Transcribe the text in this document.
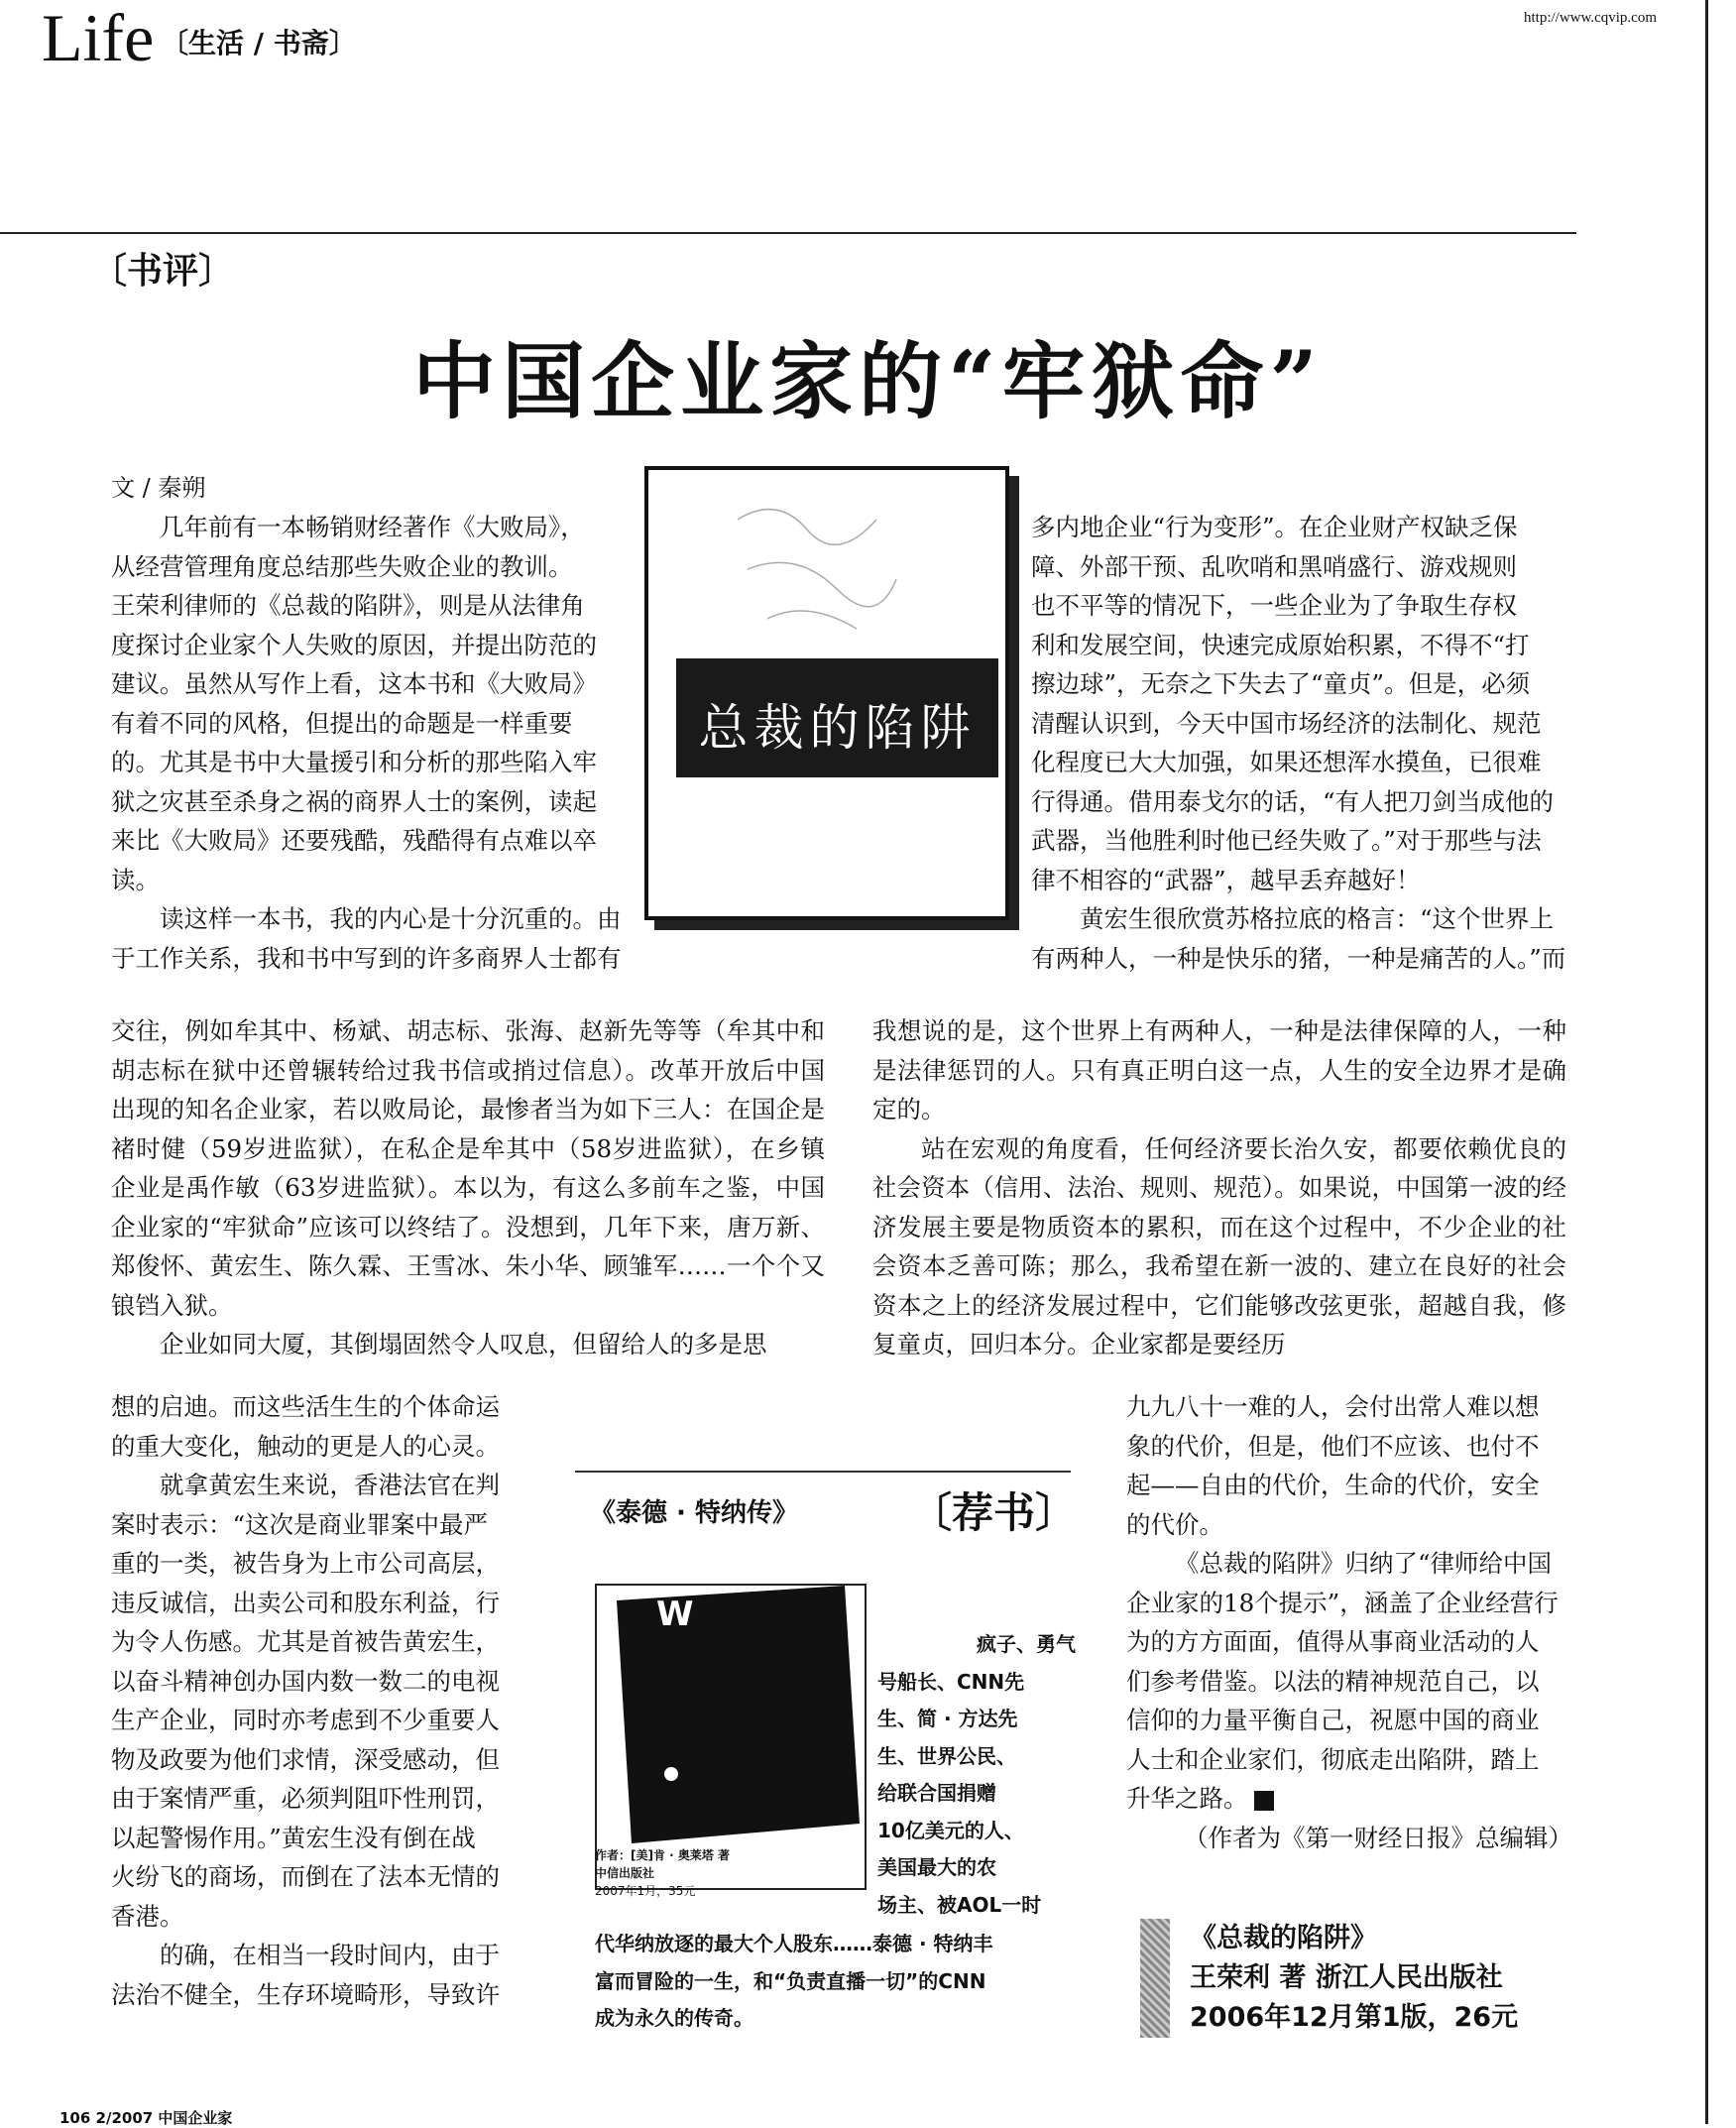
Life 〔生活 / 书斋〕
http://www.cqvip.com
〔书评〕
中国企业家的“牢狱命”
文 / 秦朔
总裁的陷阱
几年前有一本畅销财经著作《大败局》，
从经营管理角度总结那些失败企业的教训。
王荣利律师的《总裁的陷阱》，则是从法律角
度探讨企业家个人失败的原因，并提出防范的
建议。虽然从写作上看，这本书和《大败局》
有着不同的风格，但提出的命题是一样重要
的。尤其是书中大量援引和分析的那些陷入牢
狱之灾甚至杀身之祸的商界人士的案例，读起
来比《大败局》还要残酷，残酷得有点难以卒
读。
读这样一本书，我的内心是十分沉重的。由
于工作关系，我和书中写到的许多商界人士都有

交往，例如牟其中、杨斌、胡志标、张海、赵新先等等（牟其中和胡志标在狱中还曾辗转给过我书信或捎过信息）。改革开放后中国出现的知名企业家，若以败局论，最惨者当为如下三人：在国企是褚时健（59岁进监狱），在私企是牟其中（58岁进监狱），在乡镇企业是禹作敏（63岁进监狱）。本以为，有这么多前车之鉴，中国企业家的“牢狱命”应该可以终结了。没想到，几年下来，唐万新、郑俊怀、黄宏生、陈久霖、王雪冰、朱小华、顾雏军……一个个又锒铛入狱。

企业如同大厦，其倒塌固然令人叹息，但留给人的多是思

想的启迪。而这些活生生的个体命运
的重大变化，触动的更是人的心灵。
就拿黄宏生来说，香港法官在判
案时表示：“这次是商业罪案中最严
重的一类，被告身为上市公司高层，
违反诚信，出卖公司和股东利益，行
为令人伤感。尤其是首被告黄宏生，
以奋斗精神创办国内数一数二的电视
生产企业，同时亦考虑到不少重要人
物及政要为他们求情，深受感动，但
由于案情严重，必须判阻吓性刑罚，
以起警惕作用。”黄宏生没有倒在战
火纷飞的商场，而倒在了法本无情的
香港。
的确，在相当一段时间内，由于
法治不健全，生存环境畸形，导致许
多内地企业“行为变形”。在企业财产权缺乏保
障、外部干预、乱吹哨和黑哨盛行、游戏规则
也不平等的情况下，一些企业为了争取生存权
利和发展空间，快速完成原始积累，不得不“打
擦边球”，无奈之下失去了“童贞”。但是，必须
清醒认识到，今天中国市场经济的法制化、规范
化程度已大大加强，如果还想浑水摸鱼，已很难
行得通。借用泰戈尔的话，“有人把刀剑当成他的
武器，当他胜利时他已经失败了。”对于那些与法
律不相容的“武器”，越早丢弃越好！
黄宏生很欣赏苏格拉底的格言：“这个世界上
有两种人，一种是快乐的猪，一种是痛苦的人。”而

我想说的是，这个世界上有两种人，一种是法律保障的人，一种是法律惩罚的人。只有真正明白这一点，人生的安全边界才是确定的。

站在宏观的角度看，任何经济要长治久安，都要依赖优良的社会资本（信用、法治、规则、规范）。如果说，中国第一波的经济发展主要是物质资本的累积，而在这个过程中，不少企业的社会资本乏善可陈；那么，我希望在新一波的、建立在良好的社会资本之上的经济发展过程中，它们能够改弦更张，超越自我，修复童贞，回归本分。企业家都是要经历

九九八十一难的人，会付出常人难以想
象的代价，但是，他们不应该、也付不
起——自由的代价，生命的代价，安全
的代价。
《总裁的陷阱》归纳了“律师给中国
企业家的18个提示”，涵盖了企业经营行
为的方方面面，值得从事商业活动的人
们参考借鉴。以法的精神规范自己，以
信仰的力量平衡自己，祝愿中国的商业
人士和企业家们，彻底走出陷阱，踏上
升华之路。
（作者为《第一财经日报》总编辑）
《泰德 · 特纳传》	〔荐书〕
W
作者：[美]肯 · 奥莱塔 著
中信出版社
2007年1月，35元
疯子、勇气
号船长、CNN先
生、简 · 方达先
生、世界公民、
给联合国捐赠
10亿美元的人、
美国最大的农
场主、被AOL一时
代华纳放逐的最大个人股东……泰德 · 特纳丰
富而冒险的一生，和“负责直播一切”的CNN
成为永久的传奇。
《总裁的陷阱》
王荣利 著 浙江人民出版社
2006年12月第1版，26元
106 2/2007 中国企业家
